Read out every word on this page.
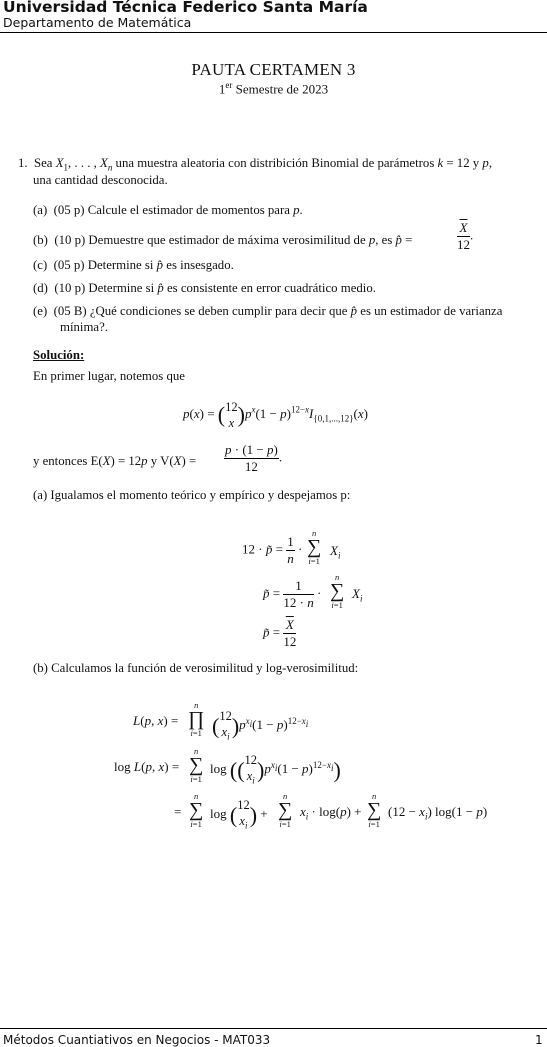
Universidad Técnica Federico Santa María
Departamento de Matemática
PAUTA CERTAMEN 3
1er Semestre de 2023
1.  Sea $X_1$, . . . , $X_n$ una muestra aleatoria con distribición Binomial de parámetros k = 12 y p,
una cantidad desconocida.
(a)  (05 p) Calcule el estimador de momentos para p.
(b)  (10 p) Demuestre que estimador de máxima verosimilitud de p, es p̂ =	$\frac{\overline{X}}{12}$ .
(c)  (05 p) Determine si p̂ es insesgado.
(d)  (10 p) Determine si p̂ es consistente en error cuadrático medio.
(e)  (05 B) ¿Qué condiciones se deben cumplir para decir que p̂ es un estimador de varianza
mínima?.
Solución:
En primer lugar, notemos que
p(x) = ( 12
x )$p^x(1 - p)^{12-x}I_{\{0,1,...,12\}}(x)$
y entonces E(X) = 12p y $V(X) = \frac{p \cdot (1 - p)}{12}$ .
(a) Igualamos el momento teórico y empírico y despejamos p:
12 · p̃ = $\frac{1}{n}$ ·
n
∑
i=1
$X_i$
p̃ = $\frac{1}{12 \cdot n}$ ·
n
∑
i=1
$X_i$
p̃ = $\frac{\overline{X}}{12}$
(b) Calculamos la función de verosimilitud y log-verosimilitud:
L(p, x) =
n
∏
i=1 ( 12
$x_i$ )$p^{x_i}(1 - p)^{12-x_i}$
log L(p, x) =
n
∑
i=1
log (( 12
$x_i$ )$p^{x_i}(1 - p)^{12-x_i}$)
=
n
∑
i=1
log ( 12
$x_i$ ) +
n
∑
i=1
$x_i \cdot \log(p)$ +
n
∑
i=1
$(12 - x_i)$ log(1 − p)
Métodos Cuantiativos en Negocios - MAT033	1
